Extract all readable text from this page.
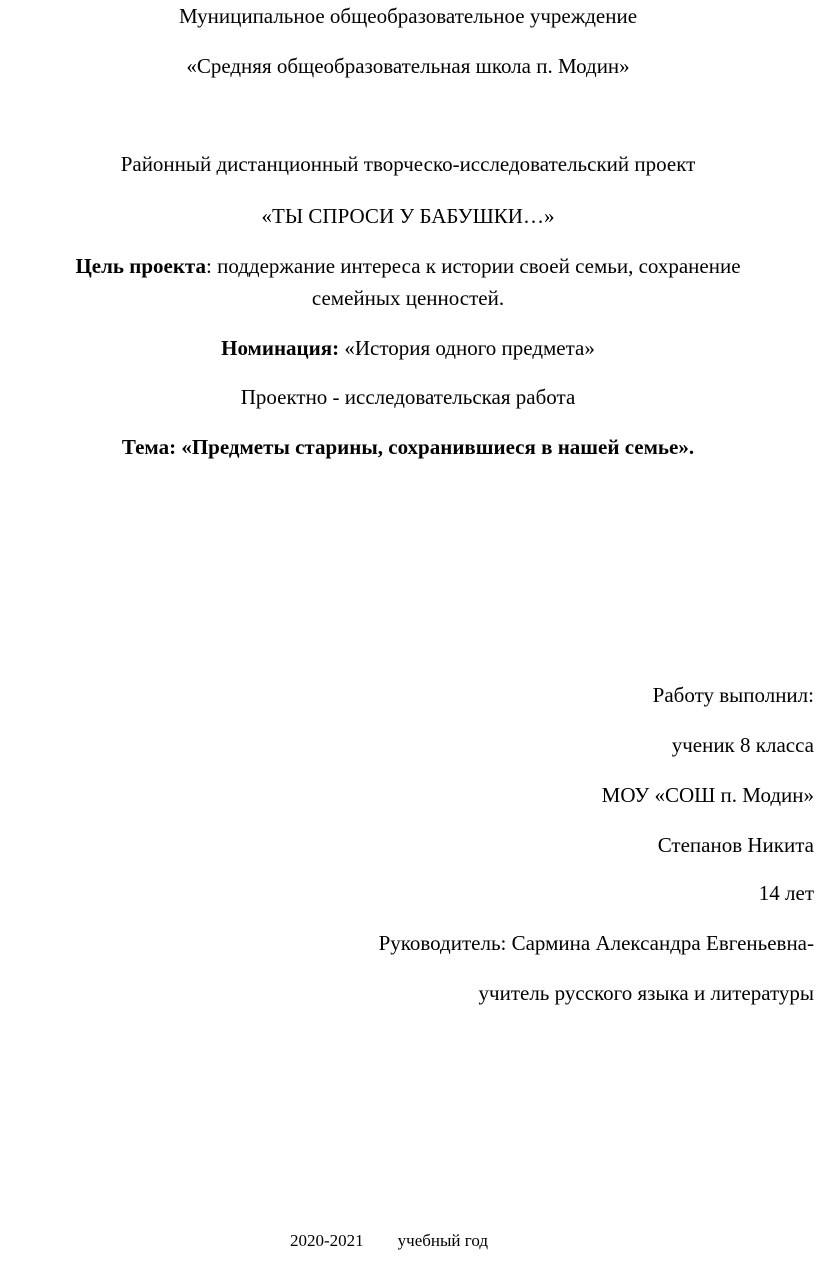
Муниципальное общеобразовательное учреждение
«Средняя общеобразовательная школа п. Модин»
Районный дистанционный творческо-исследовательский проект
«ТЫ СПРОСИ У БАБУШКИ…»
Цель проекта: поддержание интереса к истории своей семьи, сохранение
семейных ценностей.
Номинация: «История одного предмета»
Проектно - исследовательская работа
Тема: «Предметы старины, сохранившиеся в нашей семье».
Работу выполнил:
ученик 8 класса
МОУ «СОШ п. Модин»
Степанов Никита
14 лет
Руководитель: Сармина Александра Евгеньевна-
учитель русского языка и литературы
2020-2021 учебный год
